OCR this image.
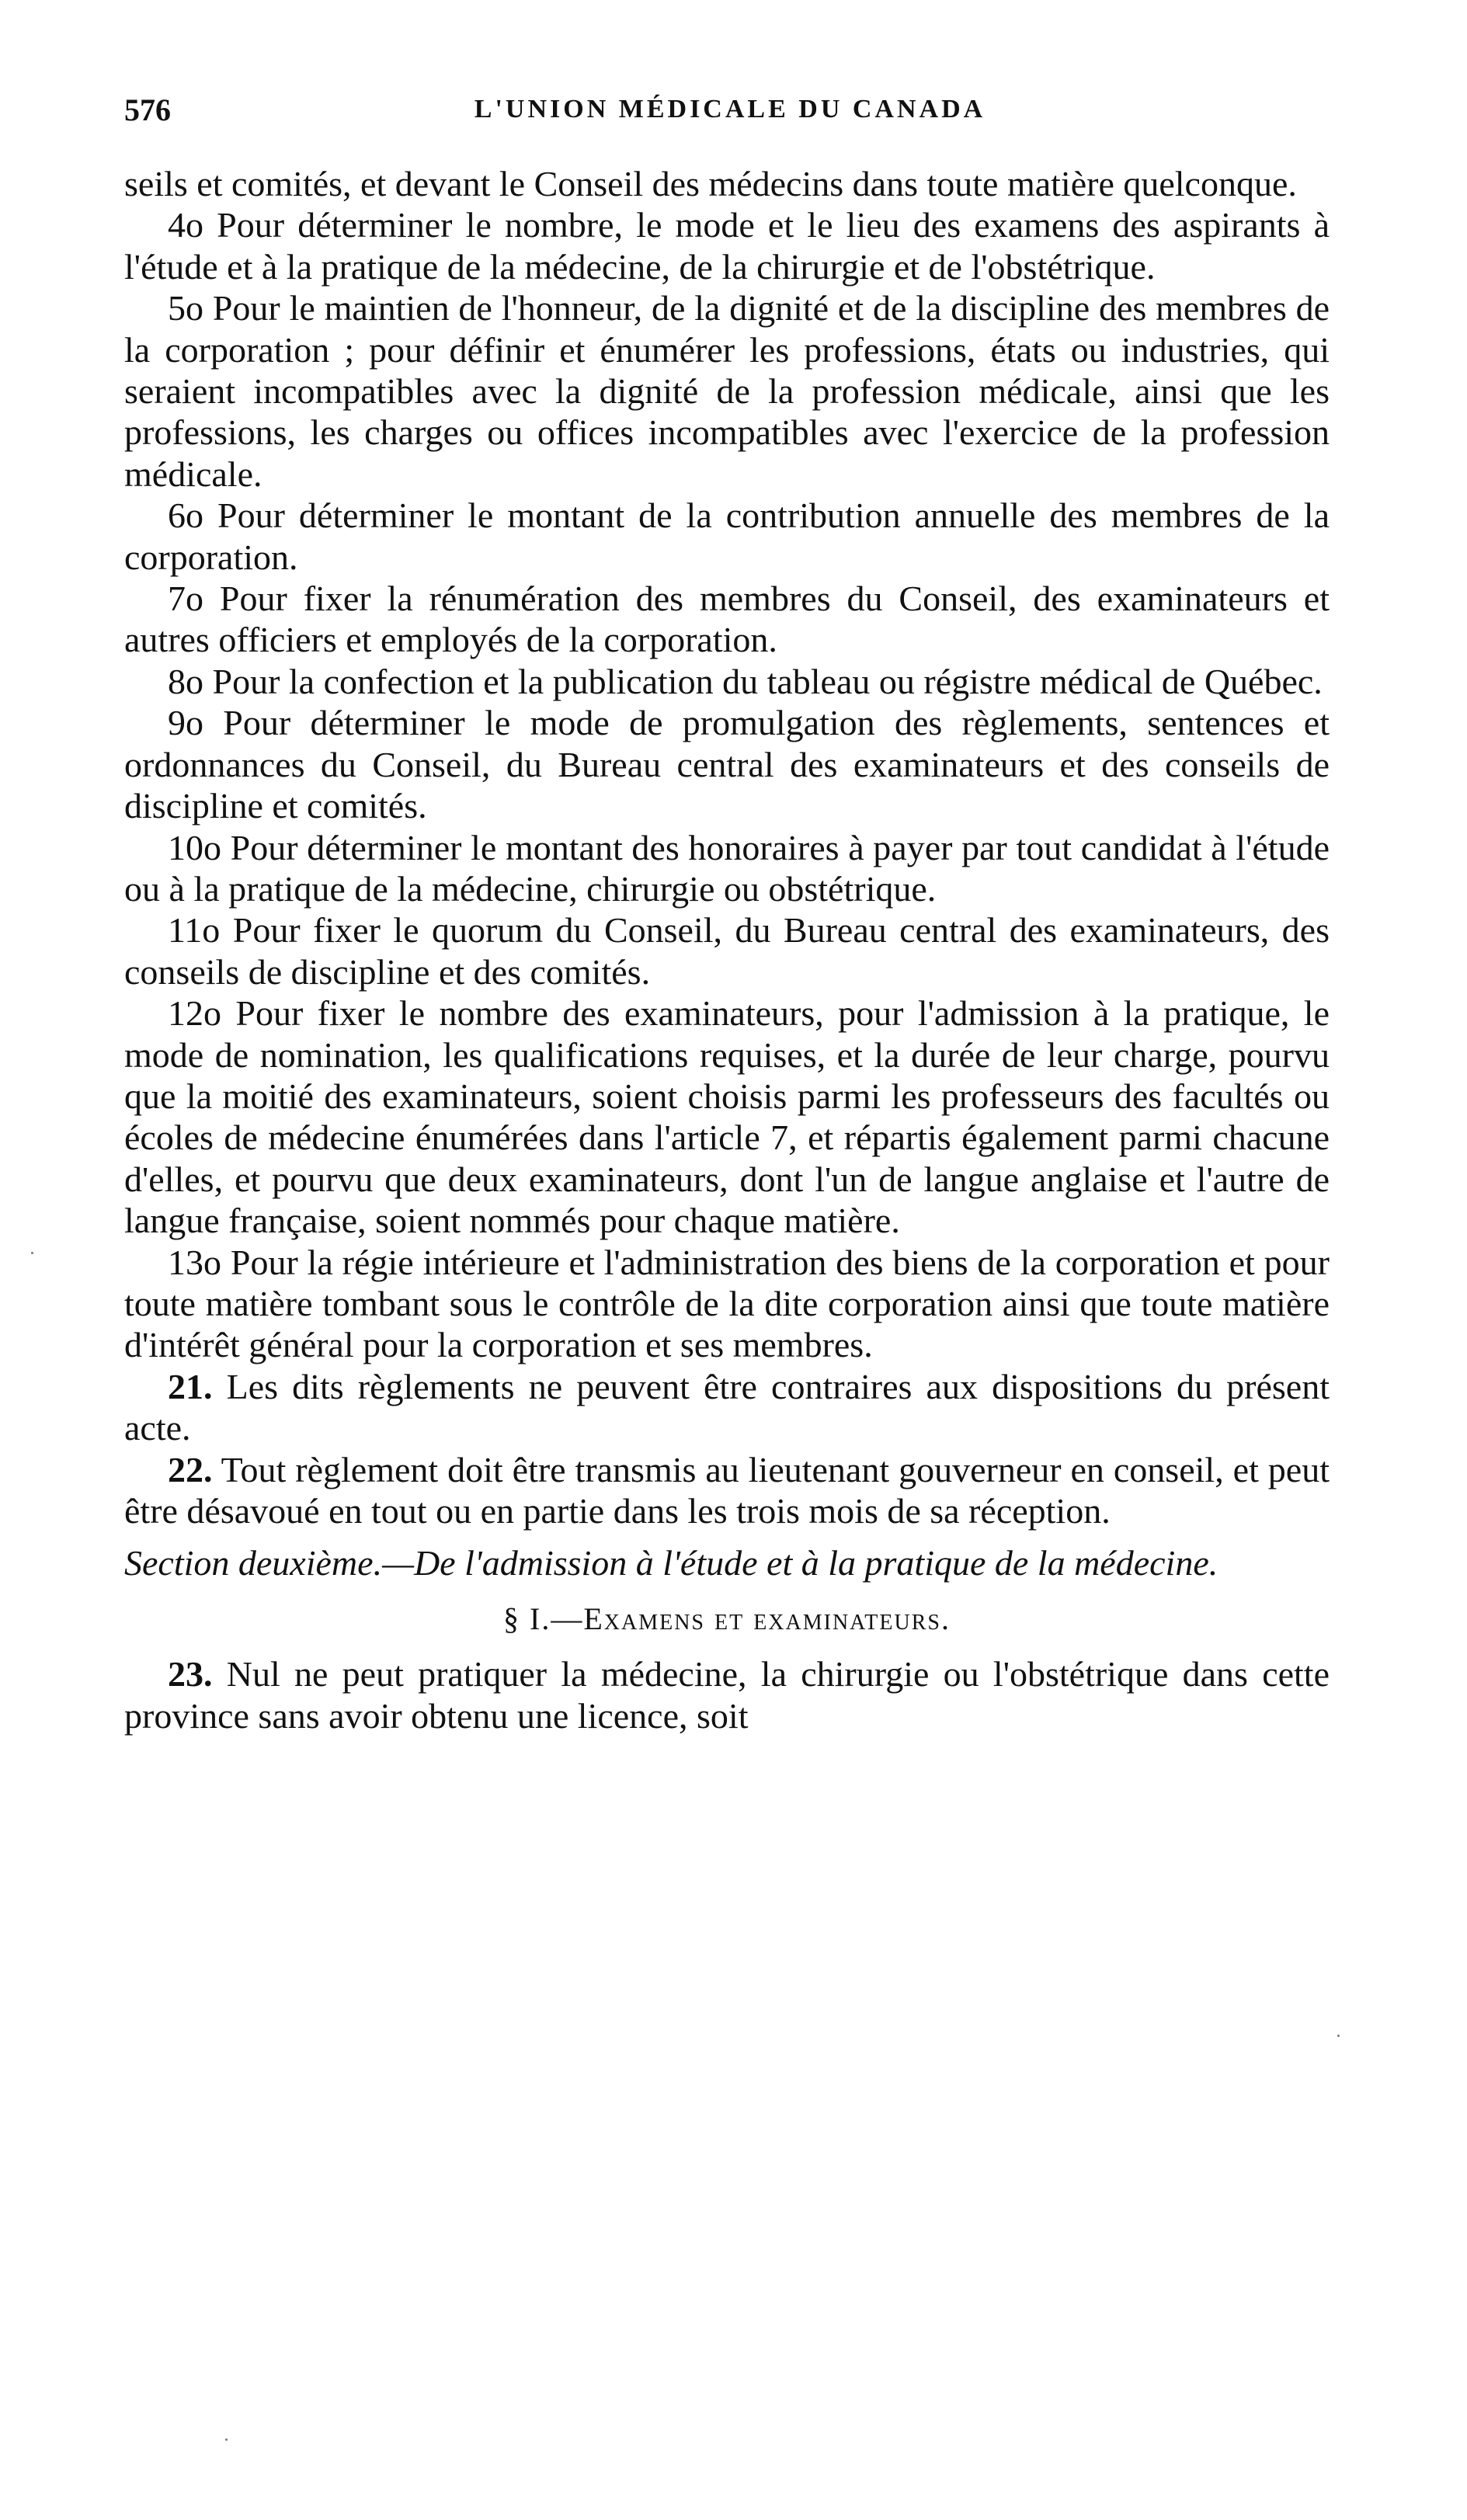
576	L'UNION MÉDICALE DU CANADA

seils et comités, et devant le Conseil des médecins dans toute matière quelconque.

4o Pour déterminer le nombre, le mode et le lieu des examens des aspirants à l'étude et à la pratique de la médecine, de la chirurgie et de l'obstétrique.

5o Pour le maintien de l'honneur, de la dignité et de la discipline des membres de la corporation ; pour définir et énumérer les professions, états ou industries, qui seraient incompatibles avec la dignité de la profession médicale, ainsi que les professions, les charges ou offices incompatibles avec l'exercice de la profession médicale.

6o Pour déterminer le montant de la contribution annuelle des membres de la corporation.

7o Pour fixer la rénumération des membres du Conseil, des examinateurs et autres officiers et employés de la corporation.

8o Pour la confection et la publication du tableau ou régistre médical de Québec.

9o Pour déterminer le mode de promulgation des règlements, sentences et ordonnances du Conseil, du Bureau central des examinateurs et des conseils de discipline et comités.

10o Pour déterminer le montant des honoraires à payer par tout candidat à l'étude ou à la pratique de la médecine, chirurgie ou obstétrique.

11o Pour fixer le quorum du Conseil, du Bureau central des examinateurs, des conseils de discipline et des comités.

12o Pour fixer le nombre des examinateurs, pour l'admission à la pratique, le mode de nomination, les qualifications requises, et la durée de leur charge, pourvu que la moitié des examinateurs, soient choisis parmi les professeurs des facultés ou écoles de médecine énumérées dans l'article 7, et répartis également parmi chacune d'elles, et pourvu que deux examinateurs, dont l'un de langue anglaise et l'autre de langue française, soient nommés pour chaque matière.

13o Pour la régie intérieure et l'administration des biens de la corporation et pour toute matière tombant sous le contrôle de la dite corporation ainsi que toute matière d'intérêt général pour la corporation et ses membres.

21. Les dits règlements ne peuvent être contraires aux dispositions du présent acte.

22. Tout règlement doit être transmis au lieutenant gouverneur en conseil, et peut être désavoué en tout ou en partie dans les trois mois de sa réception.

Section deuxième.—De l'admission à l'étude et à la pratique de la médecine.

§ I.—Examens et examinateurs.

23. Nul ne peut pratiquer la médecine, la chirurgie ou l'obstétrique dans cette province sans avoir obtenu une licence, soit
